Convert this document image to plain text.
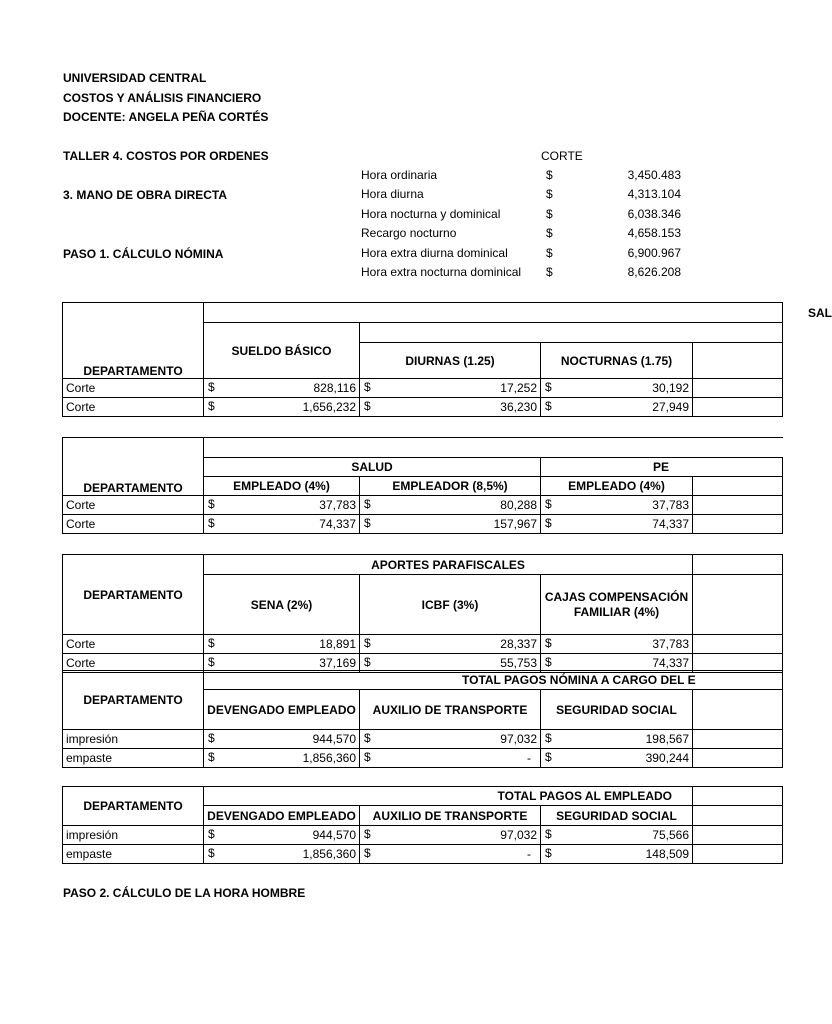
UNIVERSIDAD CENTRAL
COSTOS Y ANÁLISIS FINANCIERO
DOCENTE: ANGELA PEÑA CORTÉS
TALLER 4. COSTOS POR ORDENES
3. MANO DE OBRA DIRECTA
PASO 1. CÁLCULO NÓMINA
CORTE
Hora ordinaria	$	3,450.483
Hora diurna	$	4,313.104
Hora nocturna y dominical	$	6,038.346
Recargo nocturno	$	4,658.153
Hora extra diurna dominical	$	6,900.967
Hora extra nocturna dominical $	8,626.208
DEPARTAMENTO	SAL			
	SUELDO BÁSICO			
		DIURNAS (1.25)	NOCTURNAS (1.75)	
Corte	$ 828,116	$ 17,252	$ 30,192	

Corte	$ 1,656,232	$ 36,230	$ 27,949	

DEPARTAMENTO				
	SALUD		PE	
	EMPLEADO (4%)	EMPLEADOR (8,5%)	EMPLEADO (4%)	
Corte	$ 37,783	$ 80,288	$ 37,783	

Corte	$ 74,337	$ 157,967	$ 74,337	

DEPARTAMENTO	APORTES PARAFISCALES			
	SENA (2%)	ICBF (3%)	CAJAS COMPENSACIÓN
FAMILIAR (4%)	
Corte	$ 18,891	$ 28,337	$ 37,783	

Corte	$ 37,169	$ 55,753	$ 74,337	

DEPARTAMENTO	TOTAL PAGOS NÓMINA A CARGO DEL E			
	DEVENGADO EMPLEADO	AUXILIO DE TRANSPORTE	SEGURIDAD SOCIAL	
impresión	$ 944,570	$ 97,032	$ 198,567	

empaste	$ 1,856,360	$ -	$ 390,244	

DEPARTAMENTO	TOTAL PAGOS AL EMPLEADO			
	DEVENGADO EMPLEADO	AUXILIO DE TRANSPORTE	SEGURIDAD SOCIAL	
impresión	$ 944,570	$ 97,032	$ 75,566	

empaste	$ 1,856,360	$ -	$ 148,509	

PASO 2. CÁLCULO DE LA HORA HOMBRE
